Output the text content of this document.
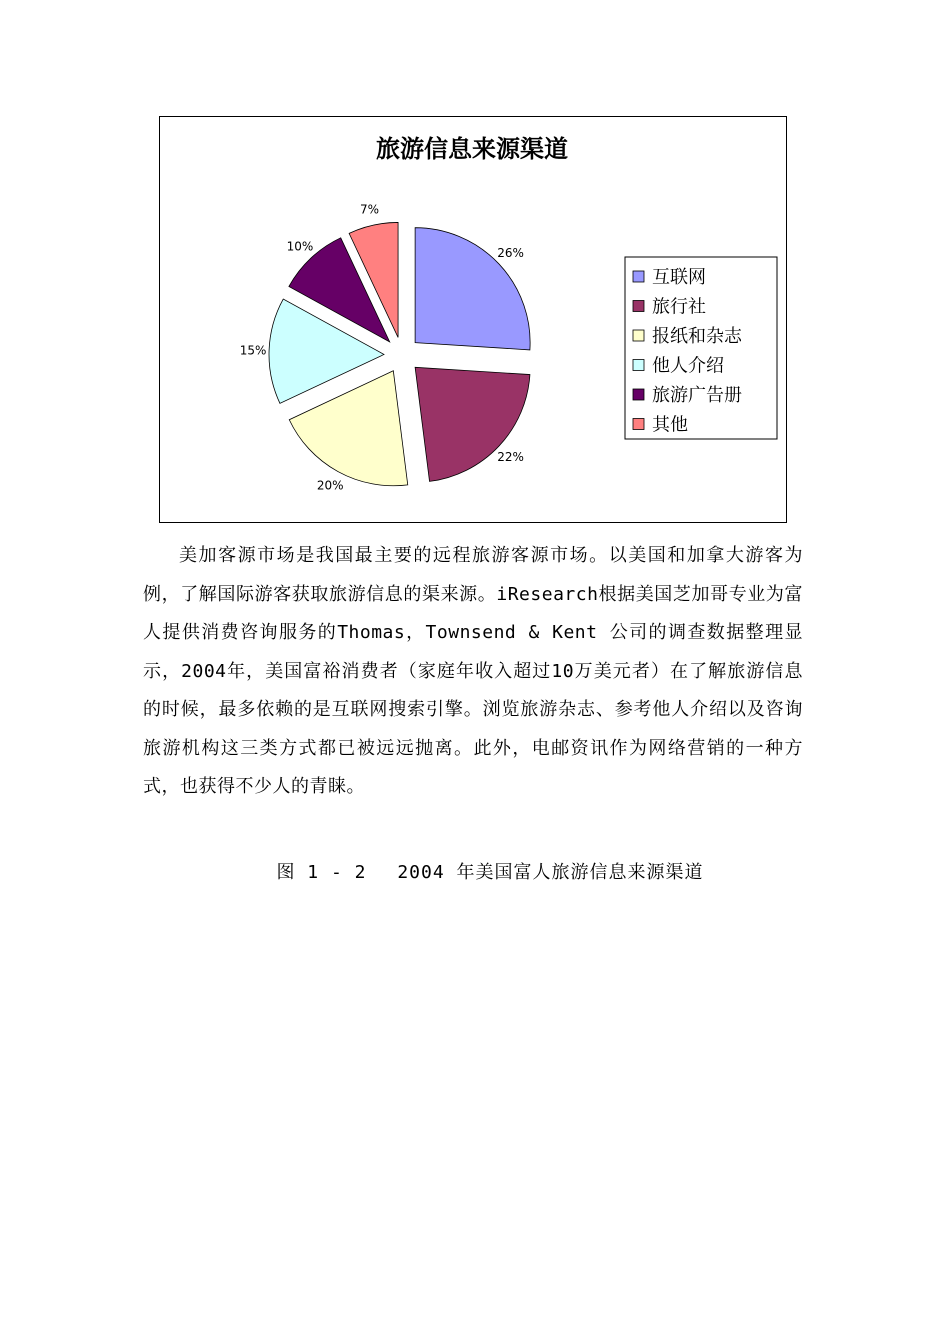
旅游信息来源渠道
26%
22%
20%
15%
10%
7%
互联网
旅行社
报纸和杂志
他人介绍
旅游广告册
其他

美加客源市场是我国最主要的远程旅游客源市场。以美国和加拿大游客为例，了解国际游客获取旅游信息的渠来源。iResearch根据美国芝加哥专业为富人提供消费咨询服务的Thomas，Townsend & Kent 公司的调查数据整理显示，2004年，美国富裕消费者（家庭年收入超过10万美元者）在了解旅游信息的时候，最多依赖的是互联网搜索引擎。浏览旅游杂志、参考他人介绍以及咨询旅游机构这三类方式都已被远远抛离。此外，电邮资讯作为网络营销的一种方式，也获得不少人的青睐。

图 1 - 2　 2004 年美国富人旅游信息来源渠道
